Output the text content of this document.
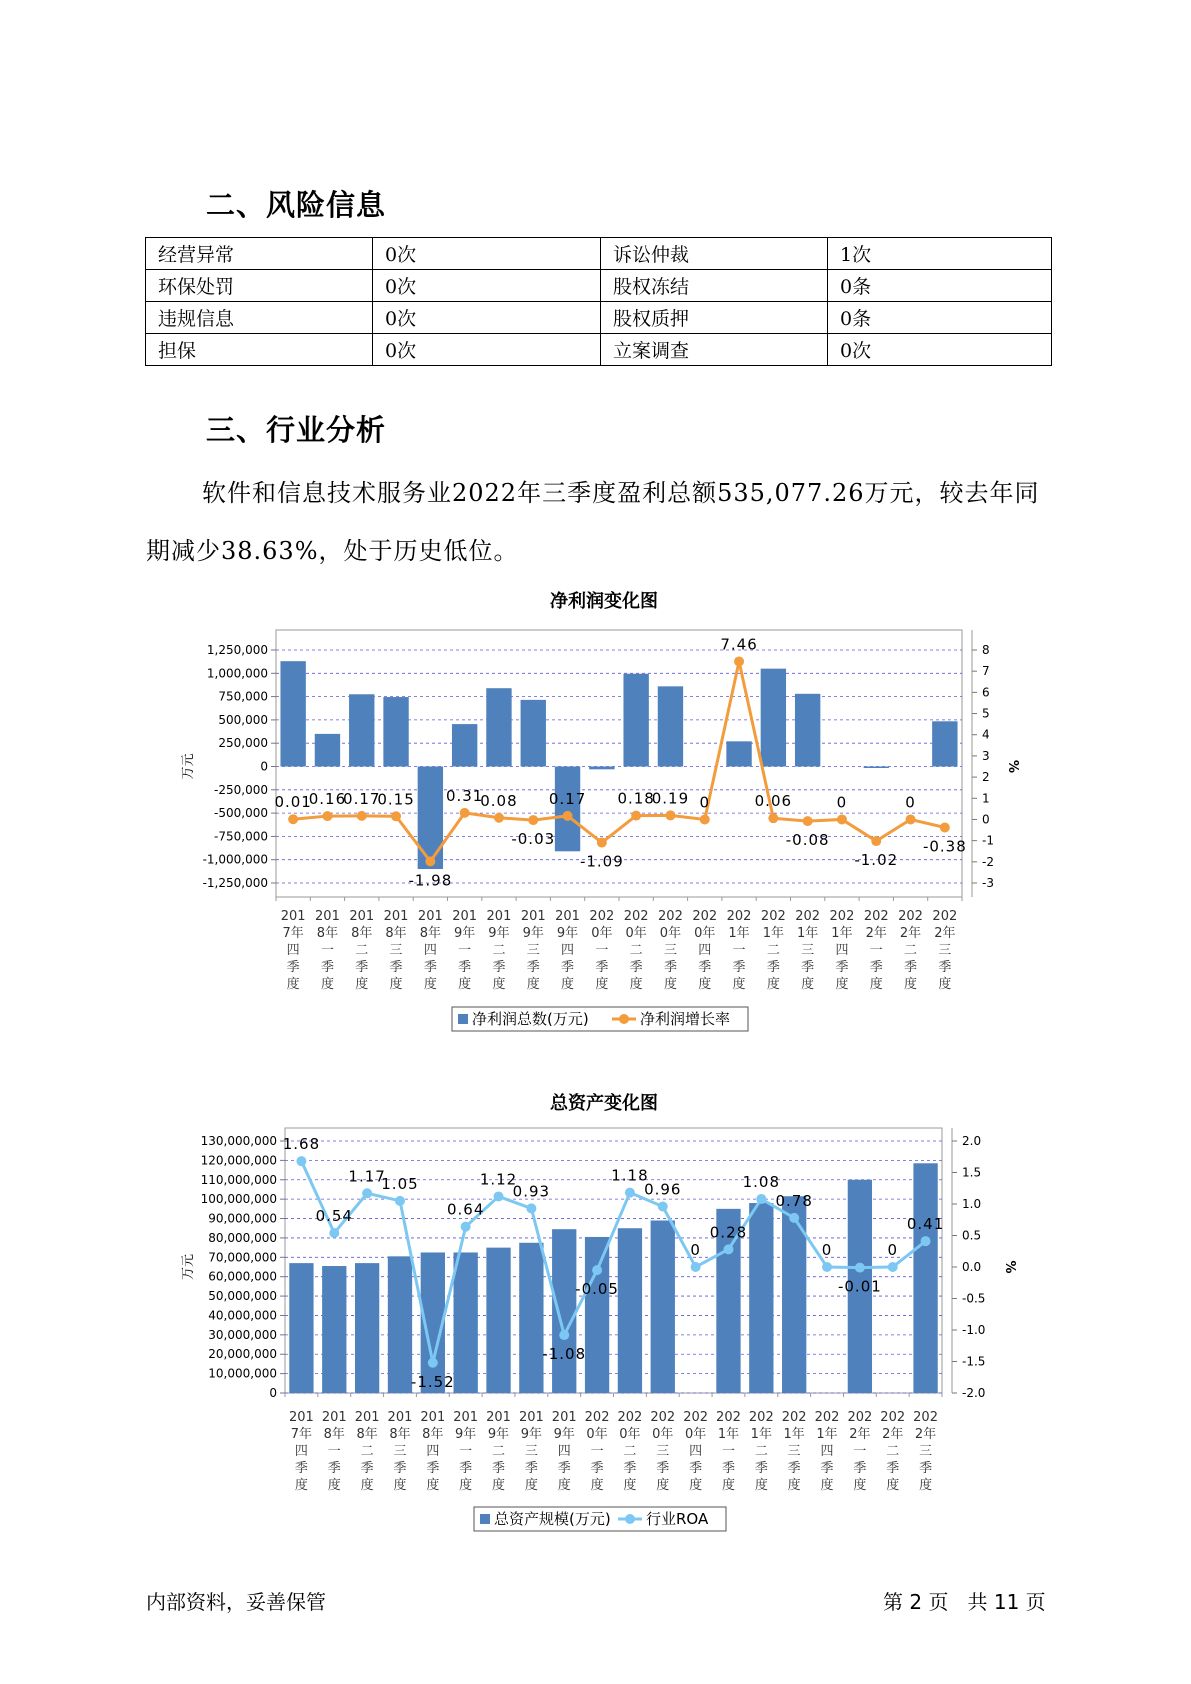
二、风险信息
经营异常	0次	诉讼仲裁	1次
环保处罚	0次	股权冻结	0条
违规信息	0次	股权质押	0条
担保	0次	立案调查	0次
三、行业分析
软件和信息技术服务业2022年三季度盈利总额535,077.26万元，较去年同期减少38.63%，处于历史低位。
净利润变化图
1,250,000
1,000,000
750,000
500,000
250,000
0
-250,000
-500,000
-750,000
-1,000,000
-1,250,000
8
7
6
5
4
3
2
1
0
-1
-2
-3
万元	%
0.01
0.16
0.17
0.15
-1.98
0.31
0.08
-0.03
0.17
-1.09
0.18
0.19 0
7.46
0.06
-0.08
0
-1.02
0
-0.38
201 7年四季度
201 8年一季度
201 8年二季度
201 8年三季度
201 8年四季度
201 9年一季度
201 9年二季度
201 9年三季度
201 9年四季度
202 0年一季度
202 0年二季度
202 0年三季度
202 0年四季度
202 1年一季度
202 1年二季度
202 1年三季度
202 1年四季度
202 2年一季度
202 2年二季度
202 2年三季度
净利润总数(万元)	净利润增长率
总资产变化图
130,000,000
120,000,000
110,000,000
100,000,000
90,000,000
80,000,000
70,000,000
60,000,000
50,000,000
40,000,000
30,000,000
20,000,000
10,000,000
0
2.0
1.5
1.0
0.5
0.0
-0.5
-1.0
-1.5
-2.0
万元	%
1.68
0.54
1.17
1.05
-1.52
0.64
1.12
0.93
-1.08
-0.05
1.18
0.96
0
0.28
1.08
0.78
0
-0.01
0
0.41
201 7年四季度
201 8年一季度
201 8年二季度
201 8年三季度
201 8年四季度
201 9年一季度
201 9年二季度
201 9年三季度
201 9年四季度
202 0年一季度
202 0年二季度
202 0年三季度
202 0年四季度
202 1年一季度
202 1年二季度
202 1年三季度
202 1年四季度
202 2年一季度
202 2年二季度
202 2年三季度
总资产规模(万元) 行业ROA
内部资料，妥善保管	第 2 页   共 11 页
